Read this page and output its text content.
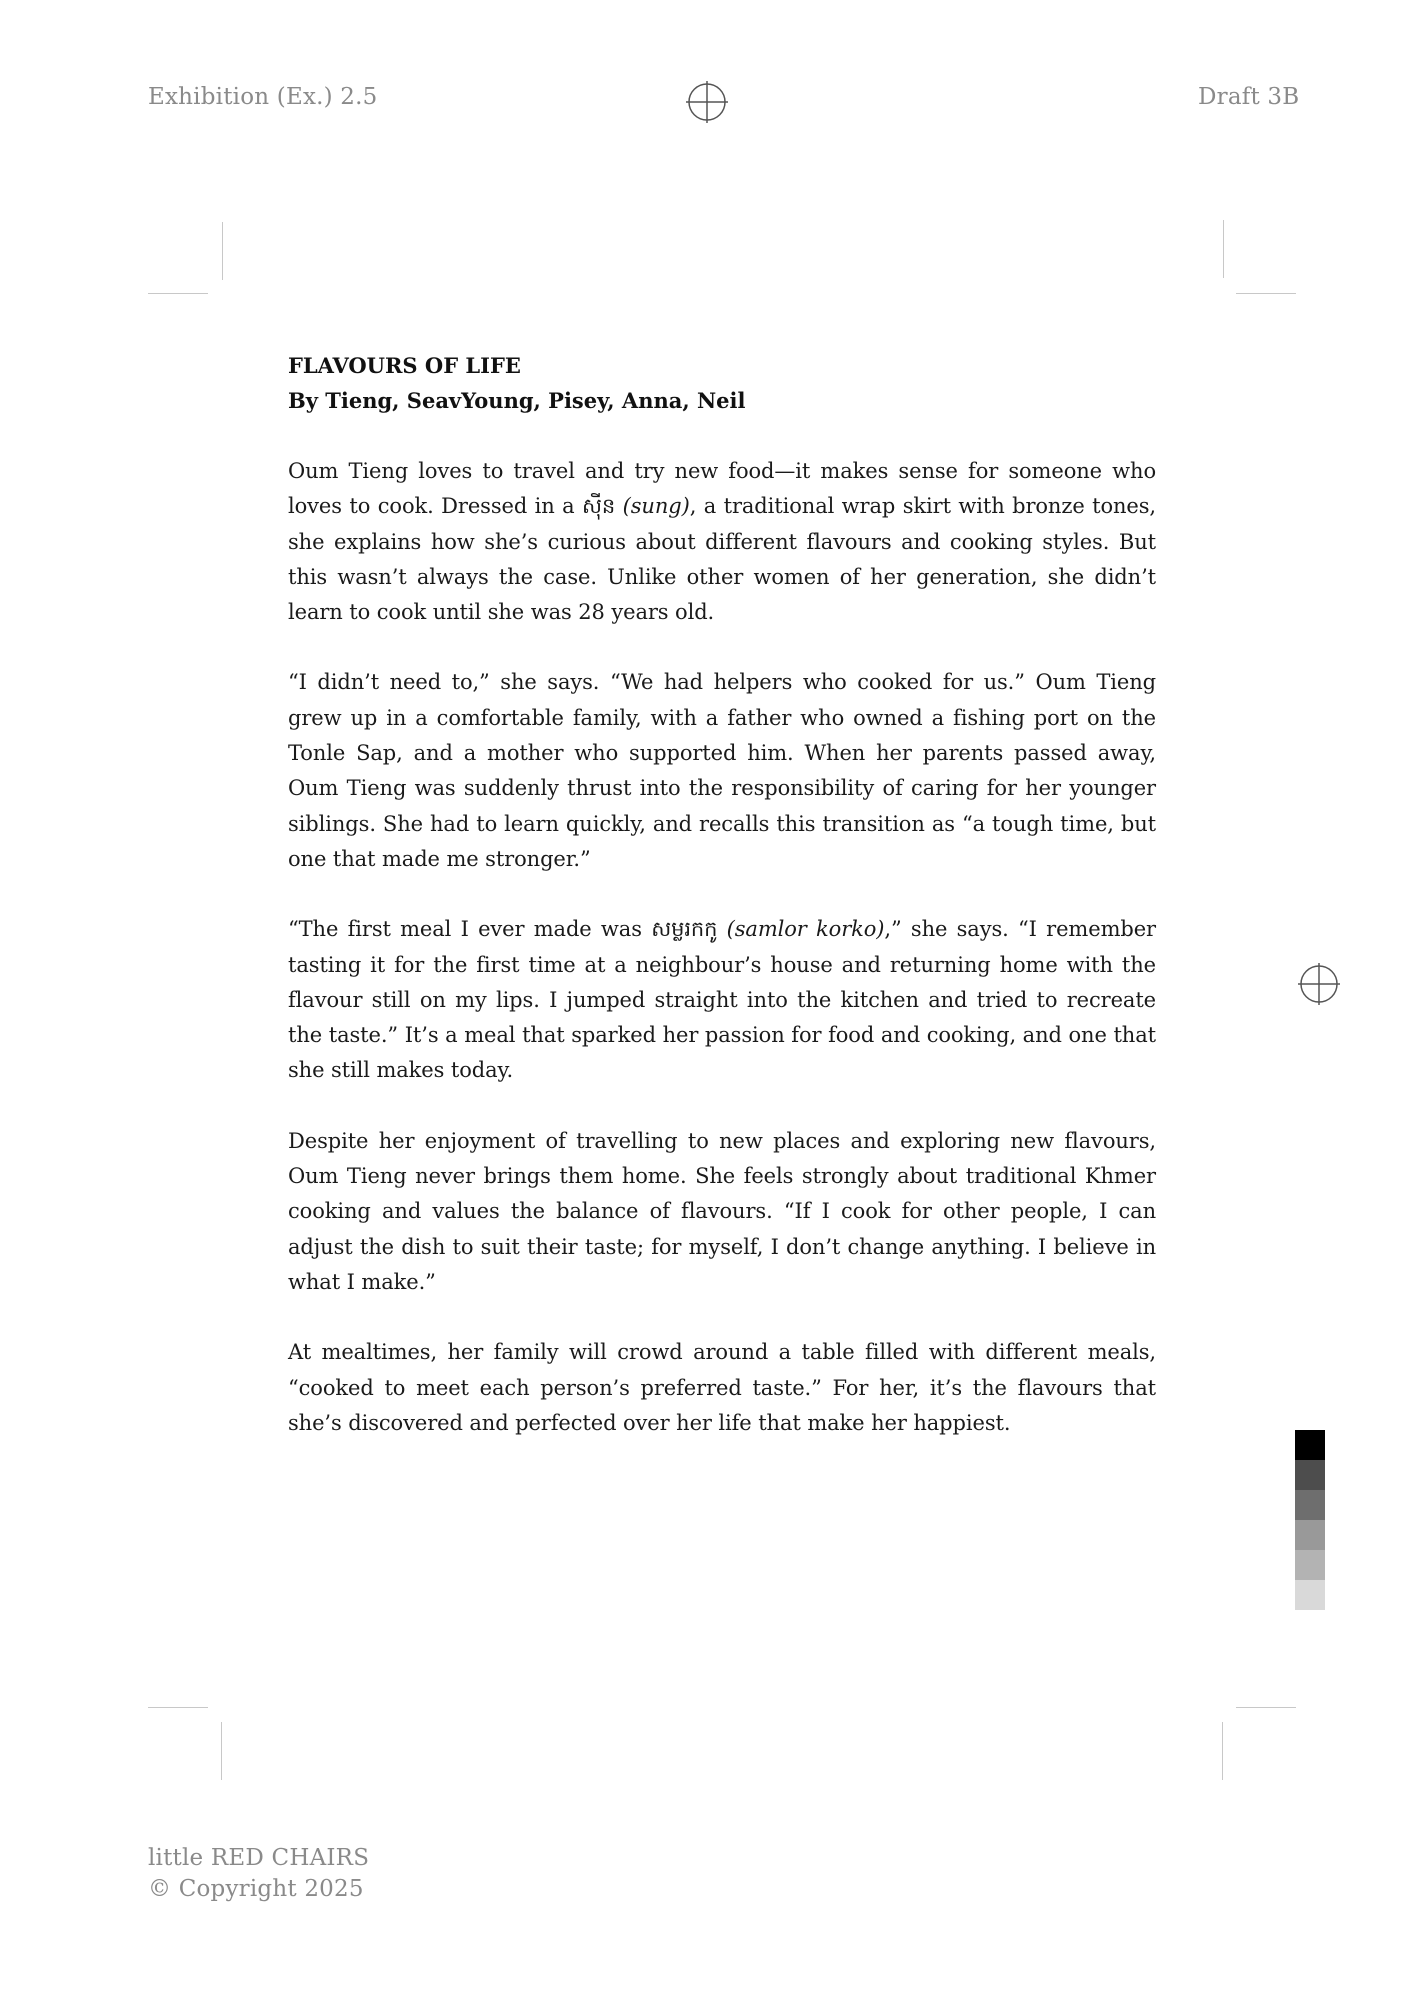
Exhibition (Ex.) 2.5	Draft 3B

FLAVOURS OF LIFE

By Tieng, SeavYoung, Pisey, Anna, Neil

Oum Tieng loves to travel and try new food—it makes sense for someone who loves to cook. Dressed in a ស៊ីន (sung), a traditional wrap skirt with bronze tones, she explains how she’s curious about different flavours and cooking styles. But this wasn’t always the case. Unlike other women of her generation, she didn’t learn to cook until she was 28 years old.

“I didn’t need to,” she says. “We had helpers who cooked for us.” Oum Tieng grew up in a comfortable family, with a father who owned a fishing port on the Tonle Sap, and a mother who supported him. When her parents passed away, Oum Tieng was suddenly thrust into the responsibility of caring for her younger siblings. She had to learn quickly, and recalls this transition as “a tough time, but one that made me stronger.”

“The first meal I ever made was សម្លរកកូ (samlor korko),” she says. “I remember tasting it for the first time at a neighbour’s house and returning home with the flavour still on my lips. I jumped straight into the kitchen and tried to recreate the taste.” It’s a meal that sparked her passion for food and cooking, and one that she still makes today.

Despite her enjoyment of travelling to new places and exploring new flavours, Oum Tieng never brings them home. She feels strongly about traditional Khmer cooking and values the balance of flavours. “If I cook for other people, I can adjust the dish to suit their taste; for myself, I don’t change anything. I believe in what I make.”

At mealtimes, her family will crowd around a table filled with different meals, “cooked to meet each person’s preferred taste.” For her, it’s the flavours that she’s discovered and perfected over her life that make her happiest.

little RED CHAIRS
© Copyright 2025
